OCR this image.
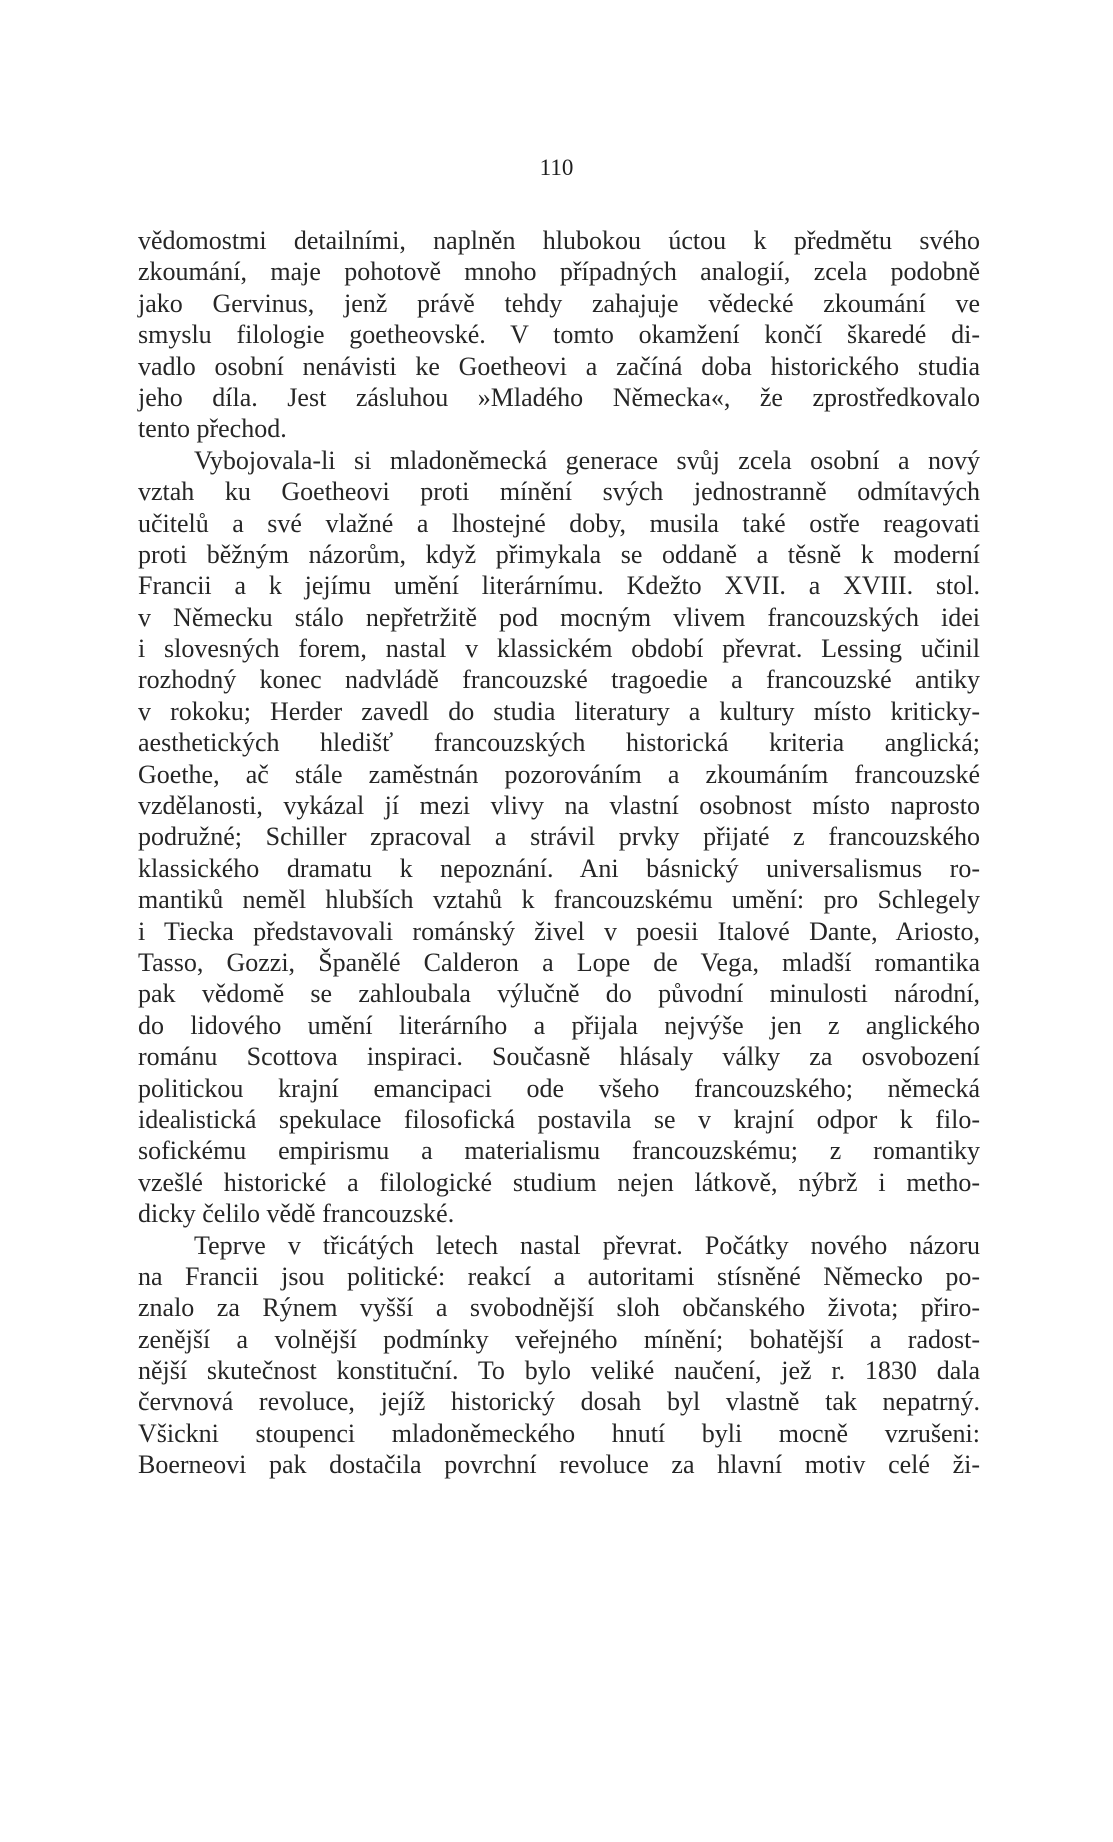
110
vědomostmi detailními, naplněn hlubokou úctou k předmětu svého
zkoumání, maje pohotově mnoho případných analogií, zcela podobně
jako Gervinus, jenž právě tehdy zahajuje vědecké zkoumání ve
smyslu filologie goetheovské. V tomto okamžení končí škaredé di-
vadlo osobní nenávisti ke Goetheovi a začíná doba historického studia
jeho díla. Jest zásluhou »Mladého Německa«, že zprostředkovalo
tento přechod.
Vybojovala-li si mladoněmecká generace svůj zcela osobní a nový
vztah ku Goetheovi proti mínění svých jednostranně odmítavých
učitelů a své vlažné a lhostejné doby, musila také ostře reagovati
proti běžným názorům, když přimykala se oddaně a těsně k moderní
Francii a k jejímu umění literárnímu. Kdežto XVII. a XVIII. stol.
v Německu stálo nepřetržitě pod mocným vlivem francouzských idei
i slovesných forem, nastal v klassickém období převrat. Lessing učinil
rozhodný konec nadvládě francouzské tragoedie a francouzské antiky
v rokoku; Herder zavedl do studia literatury a kultury místo kriticky-
aesthetických hledišť francouzských historická kriteria anglická;
Goethe, ač stále zaměstnán pozorováním a zkoumáním francouzské
vzdělanosti, vykázal jí mezi vlivy na vlastní osobnost místo naprosto
podružné; Schiller zpracoval a strávil prvky přijaté z francouzského
klassického dramatu k nepoznání. Ani básnický universalismus ro-
mantiků neměl hlubších vztahů k francouzskému umění: pro Schlegely
i Tiecka představovali románský živel v poesii Italové Dante, Ariosto,
Tasso, Gozzi, Španělé Calderon a Lope de Vega, mladší romantika
pak vědomě se zahloubala výlučně do původní minulosti národní,
do lidového umění literárního a přijala nejvýše jen z anglického
románu Scottova inspiraci. Současně hlásaly války za osvobození
politickou krajní emancipaci ode všeho francouzského; německá
idealistická spekulace filosofická postavila se v krajní odpor k filo-
sofickému empirismu a materialismu francouzskému; z romantiky
vzešlé historické a filologické studium nejen látkově, nýbrž i metho-
dicky čelilo vědě francouzské.
Teprve v třicátých letech nastal převrat. Počátky nového názoru
na Francii jsou politické: reakcí a autoritami stísněné Německo po-
znalo za Rýnem vyšší a svobodnější sloh občanského života; přiro-
zenější a volnější podmínky veřejného mínění; bohatější a radost-
nější skutečnost konstituční. To bylo veliké naučení, jež r. 1830 dala
červnová revoluce, jejíž historický dosah byl vlastně tak nepatrný.
Všickni stoupenci mladoněmeckého hnutí byli mocně vzrušeni:
Boerneovi pak dostačila povrchní revoluce za hlavní motiv celé ži-
